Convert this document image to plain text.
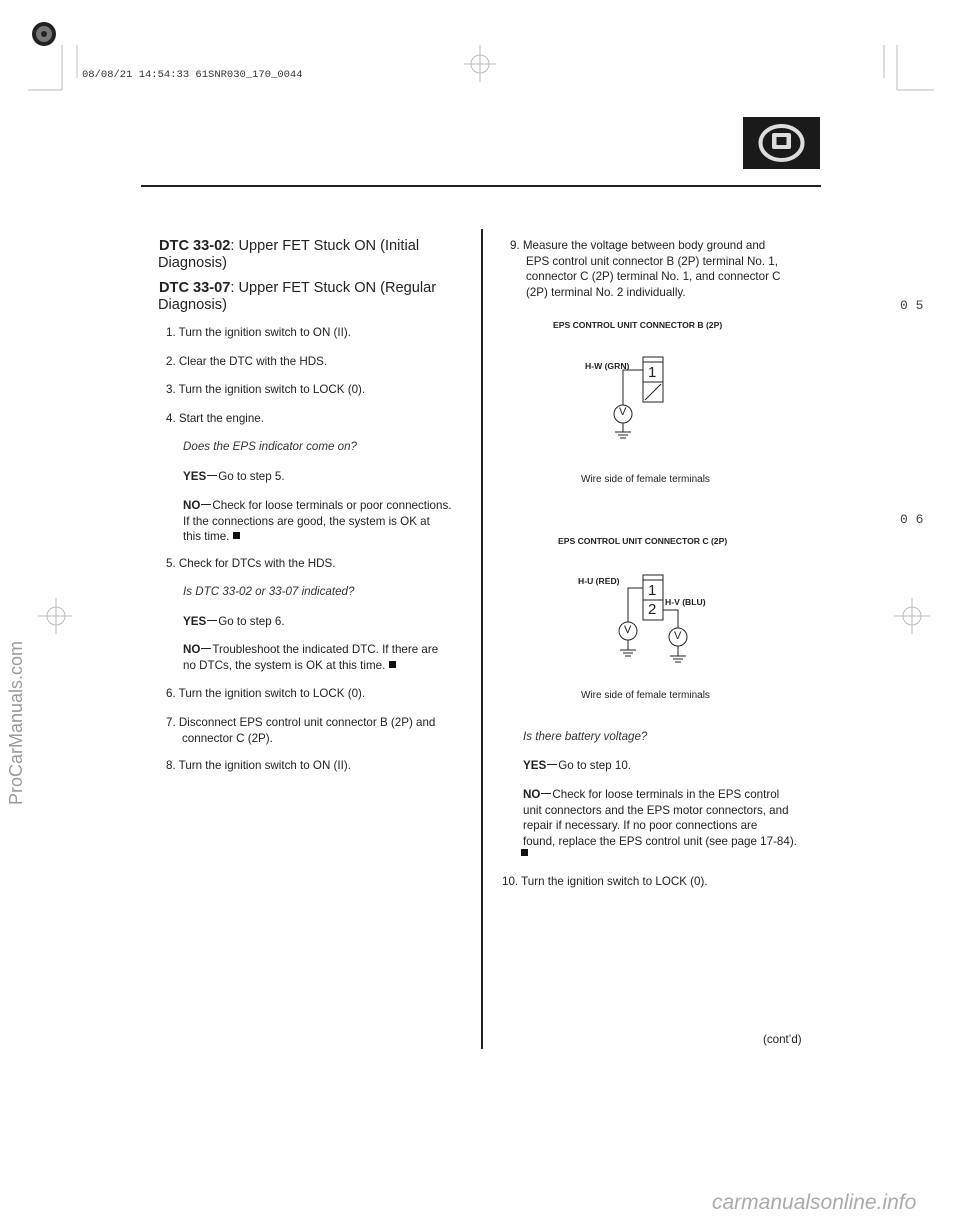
08/08/21 14:54:33 61SNR030_170_0044
0 5
0 6
ProCarManuals.com
carmanualsonline.info
DTC 33-02: Upper FET Stuck ON (Initial
Diagnosis)
DTC 33-07: Upper FET Stuck ON (Regular
Diagnosis)
1. Turn the ignition switch to ON (II).
2. Clear the DTC with the HDS.
3. Turn the ignition switch to LOCK (0).
4. Start the engine.
Does the EPS indicator come on?
YES Go to step 5.
NO Check for loose terminals or poor connections.
If the connections are good, the system is OK at
this time.
5. Check for DTCs with the HDS.
Is DTC 33-02 or 33-07 indicated?
YES Go to step 6.
NO Troubleshoot the indicated DTC. If there are
no DTCs, the system is OK at this time.
6. Turn the ignition switch to LOCK (0).
7. Disconnect EPS control unit connector B (2P) and
connector C (2P).
8. Turn the ignition switch to ON (II).
9. Measure the voltage between body ground and
EPS control unit connector B (2P) terminal No. 1,
connector C (2P) terminal No. 1, and connector C
(2P) terminal No. 2 individually.
EPS CONTROL UNIT CONNECTOR B (2P)
H-W (GRN)
V
1
Wire side of female terminals
EPS CONTROL UNIT CONNECTOR C (2P)
H-U (RED)
H-V (BLU)
V	V
1
2
Wire side of female terminals
Is there battery voltage?
YES Go to step 10.
NO Check for loose terminals in the EPS control
unit connectors and the EPS motor connectors, and
repair if necessary. If no poor connections are
found, replace the EPS control unit (see page 17-84).
10. Turn the ignition switch to LOCK (0).
(cont’d)
